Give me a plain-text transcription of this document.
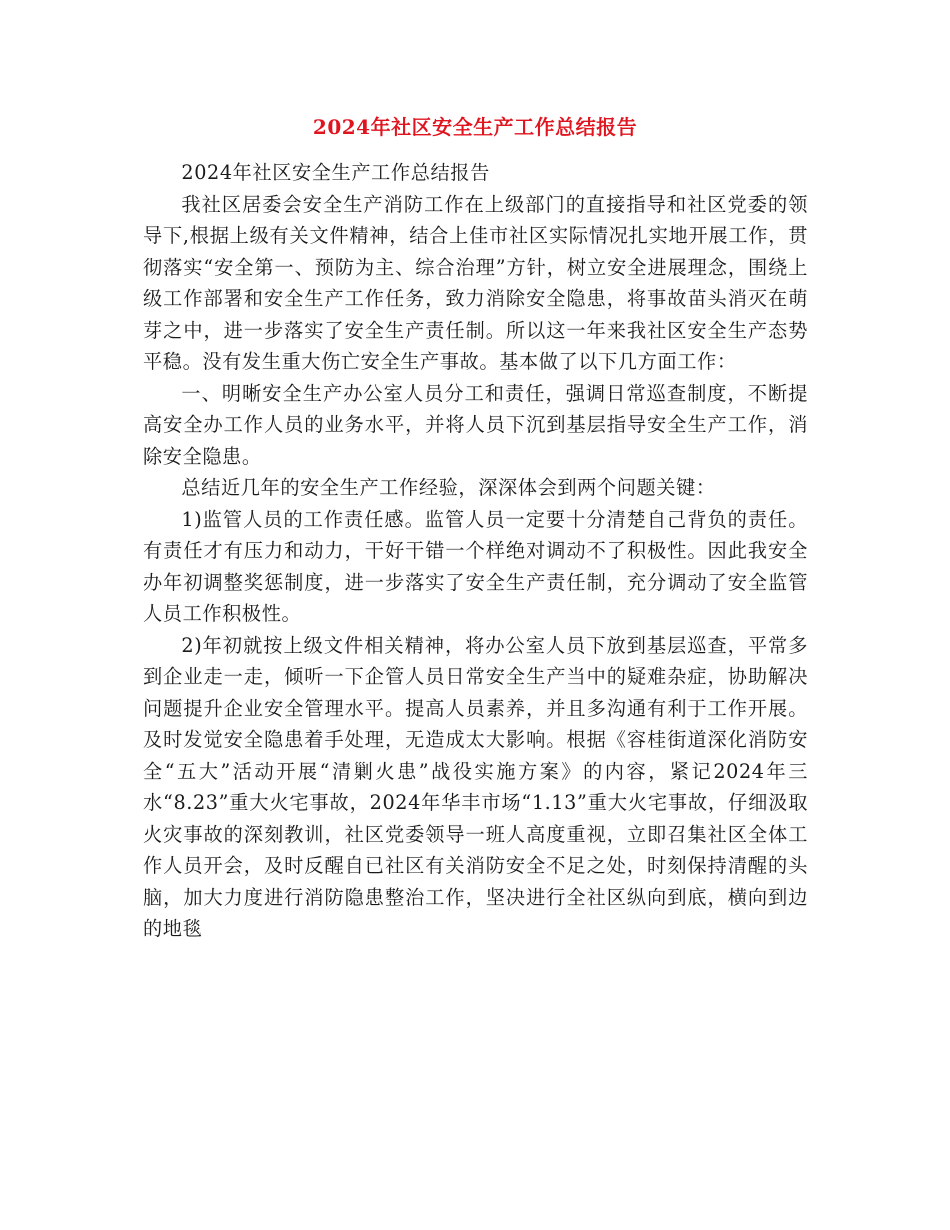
2024年社区安全生产工作总结报告

2024年社区安全生产工作总结报告

我社区居委会安全生产消防工作在上级部门的直接指导和社区党委的领导下,根据上级有关文件精神，结合上佳市社区实际情况扎实地开展工作，贯彻落实“安全第一、预防为主、综合治理”方针，树立安全进展理念，围绕上级工作部署和安全生产工作任务，致力消除安全隐患，将事故苗头消灭在萌芽之中，进一步落实了安全生产责任制。所以这一年来我社区安全生产态势平稳。没有发生重大伤亡安全生产事故。基本做了以下几方面工作：

一、明晰安全生产办公室人员分工和责任，强调日常巡查制度，不断提高安全办工作人员的业务水平，并将人员下沉到基层指导安全生产工作，消除安全隐患。

总结近几年的安全生产工作经验，深深体会到两个问题关键：

1)监管人员的工作责任感。监管人员一定要十分清楚自己背负的责任。有责任才有压力和动力，干好干错一个样绝对调动不了积极性。因此我安全办年初调整奖惩制度，进一步落实了安全生产责任制，充分调动了安全监管人员工作积极性。

2)年初就按上级文件相关精神，将办公室人员下放到基层巡查，平常多到企业走一走，倾听一下企管人员日常安全生产当中的疑难杂症，协助解决问题提升企业安全管理水平。提高人员素养，并且多沟通有利于工作开展。及时发觉安全隐患着手处理，无造成太大影响。根据《容桂街道深化消防安全“五大”活动开展“清剿火患”战役实施方案》的内容，紧记2024年三水“8.23”重大火宅事故，2024年华丰市场“1.13”重大火宅事故，仔细汲取火灾事故的深刻教训，社区党委领导一班人高度重视，立即召集社区全体工作人员开会，及时反醒自已社区有关消防安全不足之处，时刻保持清醒的头脑，加大力度进行消防隐患整治工作，坚决进行全社区纵向到底，横向到边的地毯
